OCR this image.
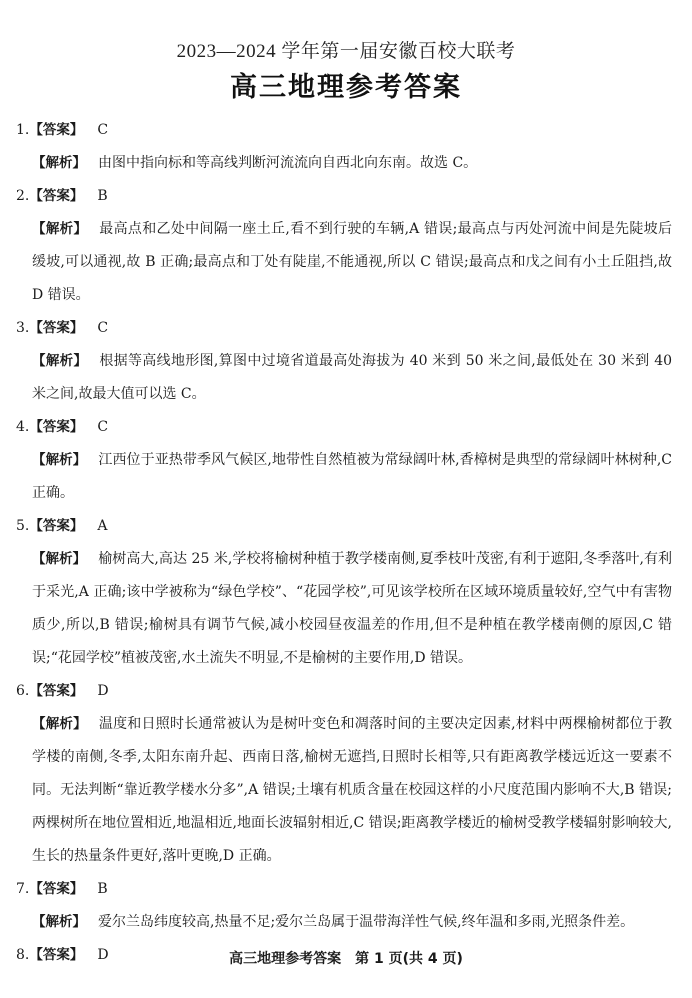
2023—2024 学年第一届安徽百校大联考
高三地理参考答案
1.【答案】 C
【解析】 由图中指向标和等高线判断河流流向自西北向东南。故选 C。
2.【答案】 B
【解析】 最高点和乙处中间隔一座土丘,看不到行驶的车辆,A 错误;最高点与丙处河流中间是先陡坡后缓坡,可以通视,故 B 正确;最高点和丁处有陡崖,不能通视,所以 C 错误;最高点和戊之间有小土丘阻挡,故 D 错误。
3.【答案】 C
【解析】 根据等高线地形图,算图中过境省道最高处海拔为 40 米到 50 米之间,最低处在 30 米到 40 米之间,故最大值可以选 C。
4.【答案】 C
【解析】 江西位于亚热带季风气候区,地带性自然植被为常绿阔叶林,香樟树是典型的常绿阔叶林树种,C 正确。
5.【答案】 A
【解析】 榆树高大,高达 25 米,学校将榆树种植于教学楼南侧,夏季枝叶茂密,有利于遮阳,冬季落叶,有利于采光,A 正确;该中学被称为“绿色学校”、“花园学校”,可见该学校所在区域环境质量较好,空气中有害物质少,所以,B 错误;榆树具有调节气候,减小校园昼夜温差的作用,但不是种植在教学楼南侧的原因,C 错误;“花园学校”植被茂密,水土流失不明显,不是榆树的主要作用,D 错误。
6.【答案】 D
【解析】 温度和日照时长通常被认为是树叶变色和凋落时间的主要决定因素,材料中两棵榆树都位于教学楼的南侧,冬季,太阳东南升起、西南日落,榆树无遮挡,日照时长相等,只有距离教学楼远近这一要素不同。无法判断“靠近教学楼水分多”,A 错误;土壤有机质含量在校园这样的小尺度范围内影响不大,B 错误;两棵树所在地位置相近,地温相近,地面长波辐射相近,C 错误;距离教学楼近的榆树受教学楼辐射影响较大,生长的热量条件更好,落叶更晚,D 正确。
7.【答案】 B
【解析】 爱尔兰岛纬度较高,热量不足;爱尔兰岛属于温带海洋性气候,终年温和多雨,光照条件差。
8.【答案】 D	高三地理参考答案 第 1 页(共 4 页)
